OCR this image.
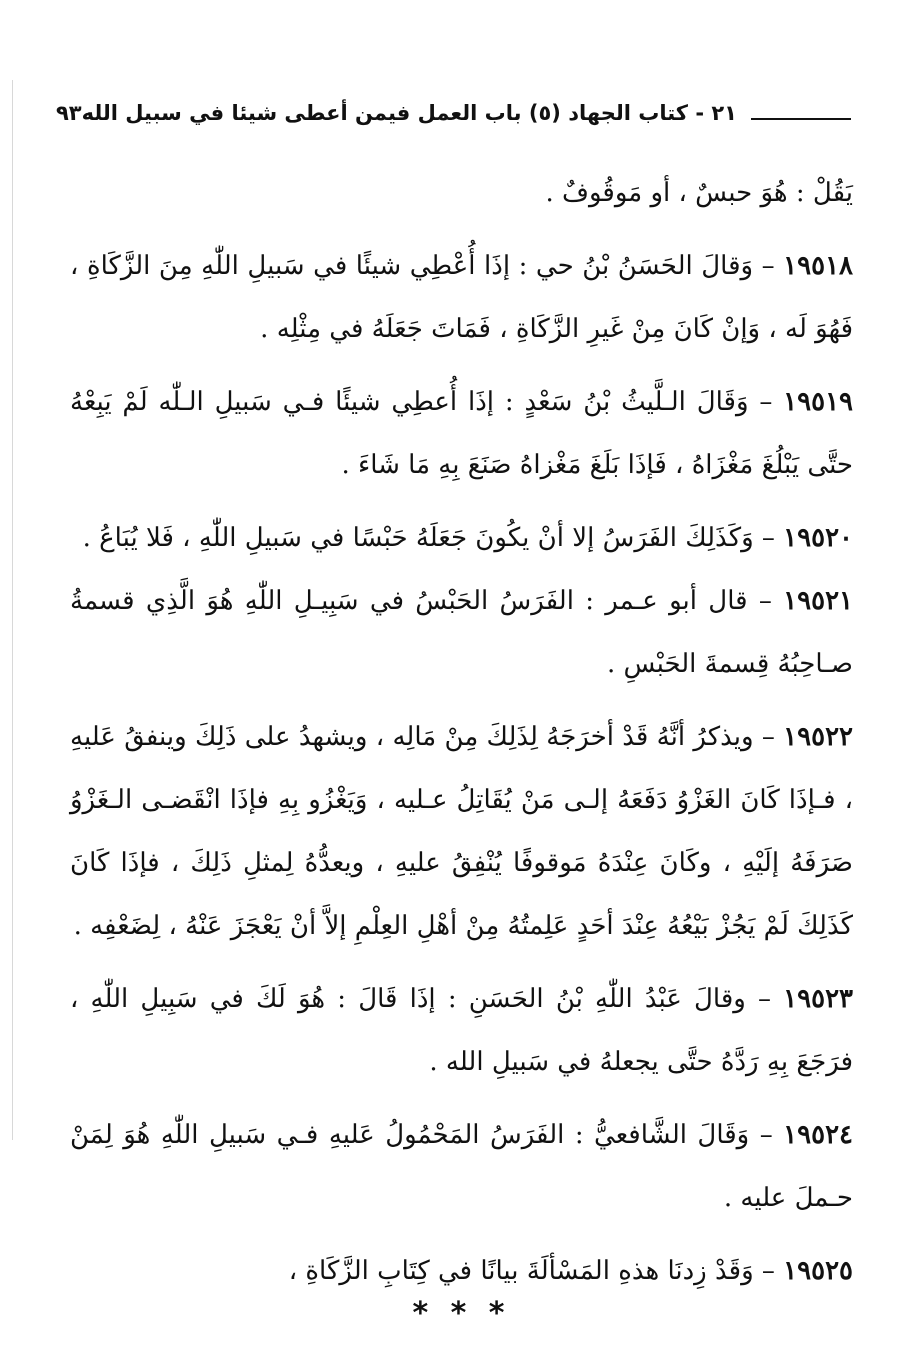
٢١ - كتاب الجهاد (٥) باب العمل فيمن أعطى شيئا في سبيل الله
٩٣

يَقُلْ : هُوَ حبسٌ ، أو مَوقُوفٌ .

١٩٥١٨ – وَقالَ الحَسَنُ بْنُ حي : إذَا أُعْطِي شيئًا في سَبيلِ اللّٰهِ مِنَ الزَّكَاةِ ، فَهُوَ لَه ، وَإنْ كَانَ مِنْ غَيرِ الزَّكَاةِ ، فَمَاتَ جَعَلَهُ في مِثْلِه .

١٩٥١٩ – وَقَالَ الـلَّيثُ بْنُ سَعْدٍ : إذَا أُعطِي شيئًا فـي سَبيلِ الـلّٰه لَمْ يَبِعْهُ حتَّى يَبْلُغَ مَغْزَاهُ ، فَإذَا بَلَغَ مَغْزاهُ صَنَعَ بِهِ مَا شَاءَ .

١٩٥٢٠ – وَكَذَلِكَ الفَرَسُ إلا أنْ يكُونَ جَعَلَهُ حَبْسًا في سَبيلِ اللّٰهِ ، فَلا يُبَاعُ .

١٩٥٢١ – قال أبو عـمر : الفَرَسُ الحَبْسُ في سَبِيـلِ اللّٰهِ هُوَ الَّذِي قسمةُ صـاحِبُهُ قِسمةَ الحَبْسِ .

١٩٥٢٢ – ويذكرُ أنَّهُ قَدْ أخرَجَهُ لِذَلِكَ مِنْ مَالِه ، ويشهدُ على ذَلِكَ وينفقُ عَليهِ ، فـإذَا كَانَ الغَزْوُ دَفَعَهُ إلـى مَنْ يُقَاتِلُ عـليه ، وَيَغْزُو بِهِ فإذَا انْقَضـى الـغَزْوُ صَرَفَهُ إلَيْهِ ، وكَانَ عِنْدَهُ مَوقوفًا يُنْفِقُ عليهِ ، ويعدُّهُ لِمثلِ ذَلِكَ ، فإذَا كَانَ كَذَلِكَ لَمْ يَجُزْ بَيْعُهُ عِنْدَ أحَدٍ عَلِمتُهُ مِنْ أهْلِ العِلْمِ إلاَّ أنْ يَعْجَزَ عَنْهُ ، لِضَعْفِه .

١٩٥٢٣ – وقالَ عَبْدُ اللّٰهِ بْنُ الحَسَنِ : إذَا قَالَ : هُوَ لَكَ في سَبِيلِ اللّٰهِ ، فرَجَعَ بِهِ رَدَّهُ حتَّى يجعلهُ في سَبيلِ الله .

١٩٥٢٤ – وَقَالَ الشَّافعيُّ : الفَرَسُ المَحْمُولُ عَليهِ فـي سَبيلِ اللّٰهِ هُوَ لِمَنْ حـملَ عليه .

١٩٥٢٥ – وَقَدْ زِدنَا هذهِ المَسْألَةَ بيانًا في كِتَابِ الزَّكَاةِ ،

* * *
